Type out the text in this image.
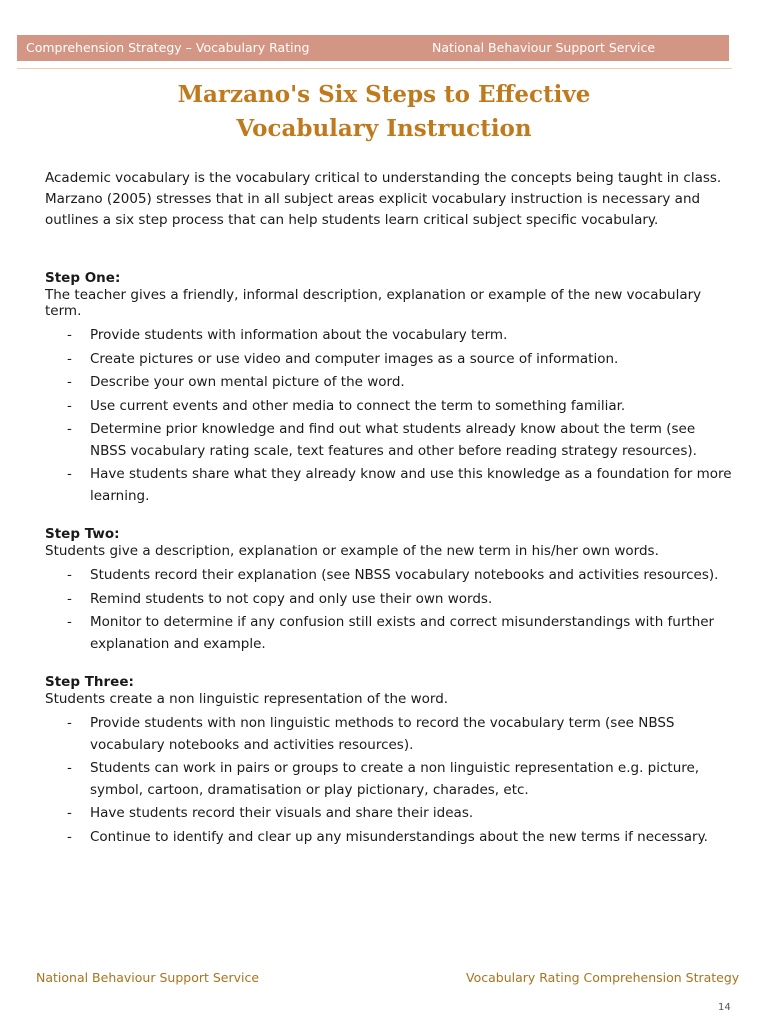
Comprehension Strategy – Vocabulary Rating	National Behaviour Support Service
Marzano's Six Steps to Effective
Vocabulary Instruction

Academic vocabulary is the vocabulary critical to understanding the concepts being taught in class. Marzano (2005) stresses that in all subject areas explicit vocabulary instruction is necessary and outlines a six step process that can help students learn critical subject specific vocabulary.

Step One:

The teacher gives a friendly, informal description, explanation or example of the new vocabulary term.

- Provide students with information about the vocabulary term.
- Create pictures or use video and computer images as a source of information.
- Describe your own mental picture of the word.
- Use current events and other media to connect the term to something familiar.
- Determine prior knowledge and find out what students already know about the term (see NBSS vocabulary rating scale, text features and other before reading strategy resources).
- Have students share what they already know and use this knowledge as a foundation for more learning.

Step Two:

Students give a description, explanation or example of the new term in his/her own words.

- Students record their explanation (see NBSS vocabulary notebooks and activities resources).
- Remind students to not copy and only use their own words.
- Monitor to determine if any confusion still exists and correct misunderstandings with further explanation and example.

Step Three:

Students create a non linguistic representation of the word.

- Provide students with non linguistic methods to record the vocabulary term (see NBSS vocabulary notebooks and activities resources).
- Students can work in pairs or groups to create a non linguistic representation e.g. picture, symbol, cartoon, dramatisation or play pictionary, charades, etc.
- Have students record their visuals and share their ideas.
- Continue to identify and clear up any misunderstandings about the new terms if necessary.
National Behaviour Support Service	Vocabulary Rating Comprehension Strategy
14
